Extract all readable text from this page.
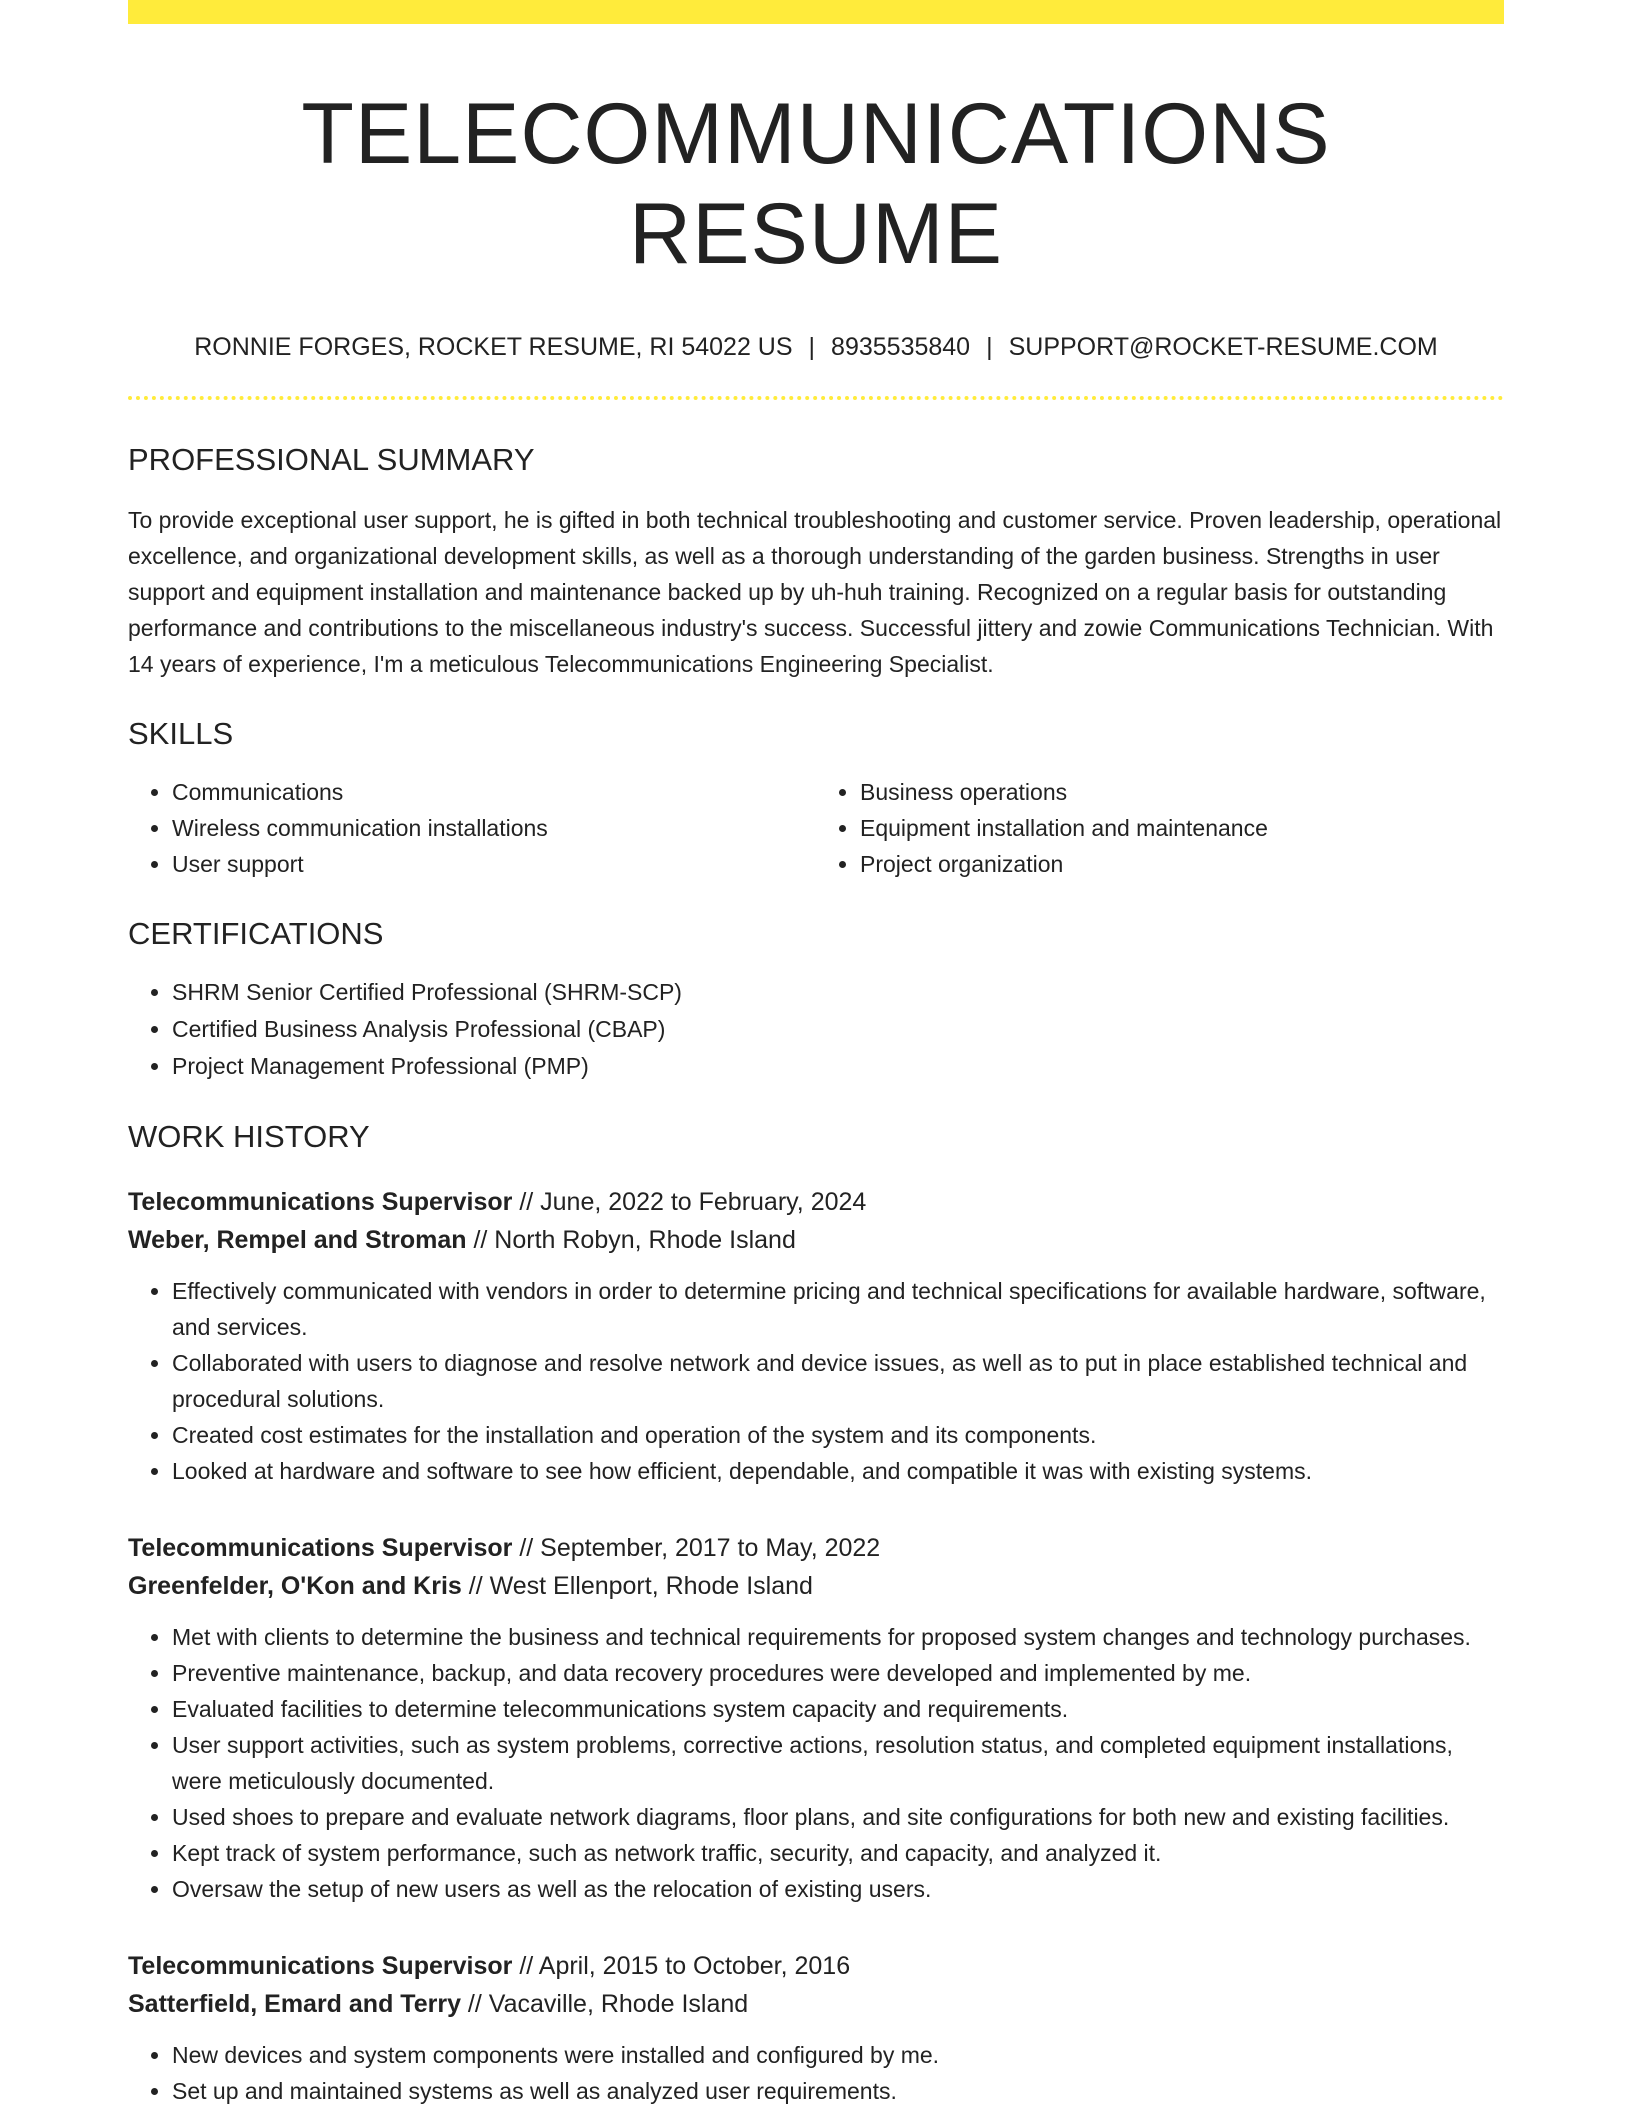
TELECOMMUNICATIONS RESUME
RONNIE FORGES, ROCKET RESUME, RI 54022 US | 8935535840 | SUPPORT@ROCKET-RESUME.COM
PROFESSIONAL SUMMARY

To provide exceptional user support, he is gifted in both technical troubleshooting and customer service. Proven leadership, operational excellence, and organizational development skills, as well as a thorough understanding of the garden business. Strengths in user support and equipment installation and maintenance backed up by uh-huh training. Recognized on a regular basis for outstanding performance and contributions to the miscellaneous industry's success. Successful jittery and zowie Communications Technician. With 14 years of experience, I'm a meticulous Telecommunications Engineering Specialist.

SKILLS
• Communications
• Wireless communication installations
• User support
• Business operations
• Equipment installation and maintenance
• Project organization
CERTIFICATIONS
• SHRM Senior Certified Professional (SHRM-SCP)
• Certified Business Analysis Professional (CBAP)
• Project Management Professional (PMP)
WORK HISTORY
Telecommunications Supervisor // June, 2022 to February, 2024
Weber, Rempel and Stroman // North Robyn, Rhode Island
• Effectively communicated with vendors in order to determine pricing and technical specifications for available hardware, software, and services.
• Collaborated with users to diagnose and resolve network and device issues, as well as to put in place established technical and procedural solutions.
• Created cost estimates for the installation and operation of the system and its components.
• Looked at hardware and software to see how efficient, dependable, and compatible it was with existing systems.
Telecommunications Supervisor // September, 2017 to May, 2022
Greenfelder, O'Kon and Kris // West Ellenport, Rhode Island
• Met with clients to determine the business and technical requirements for proposed system changes and technology purchases.
• Preventive maintenance, backup, and data recovery procedures were developed and implemented by me.
• Evaluated facilities to determine telecommunications system capacity and requirements.
• User support activities, such as system problems, corrective actions, resolution status, and completed equipment installations, were meticulously documented.
• Used shoes to prepare and evaluate network diagrams, floor plans, and site configurations for both new and existing facilities.
• Kept track of system performance, such as network traffic, security, and capacity, and analyzed it.
• Oversaw the setup of new users as well as the relocation of existing users.
Telecommunications Supervisor // April, 2015 to October, 2016
Satterfield, Emard and Terry // Vacaville, Rhode Island
• New devices and system components were installed and configured by me.
• Set up and maintained systems as well as analyzed user requirements.
